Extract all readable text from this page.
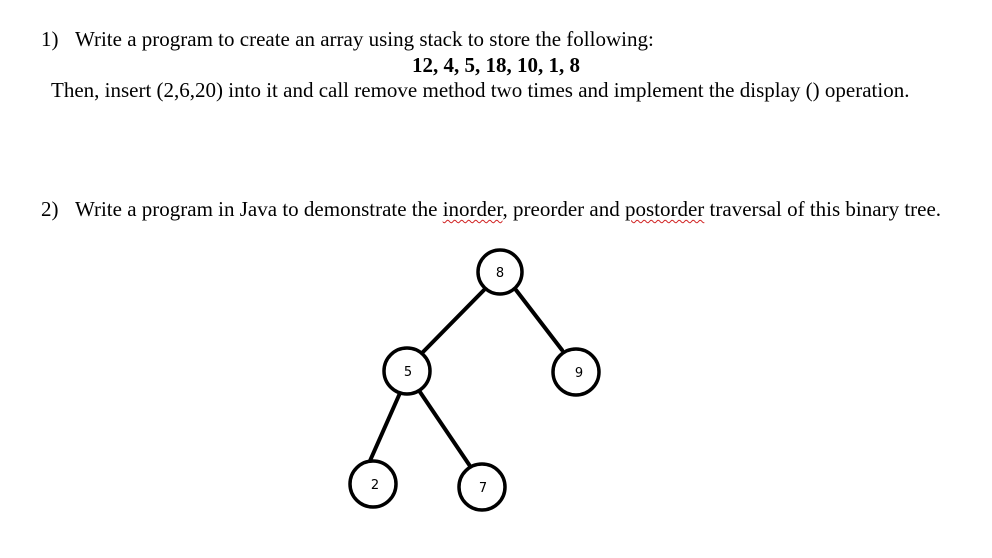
1) Write a program to create an array using stack to store the following:
12, 4, 5, 18, 10, 1, 8
Then, insert (2,6,20) into it and call remove method two times and implement the display () operation.
2) Write a program in Java to demonstrate the inorder, preorder and postorder traversal of this binary tree.
8
5	9
2	7
